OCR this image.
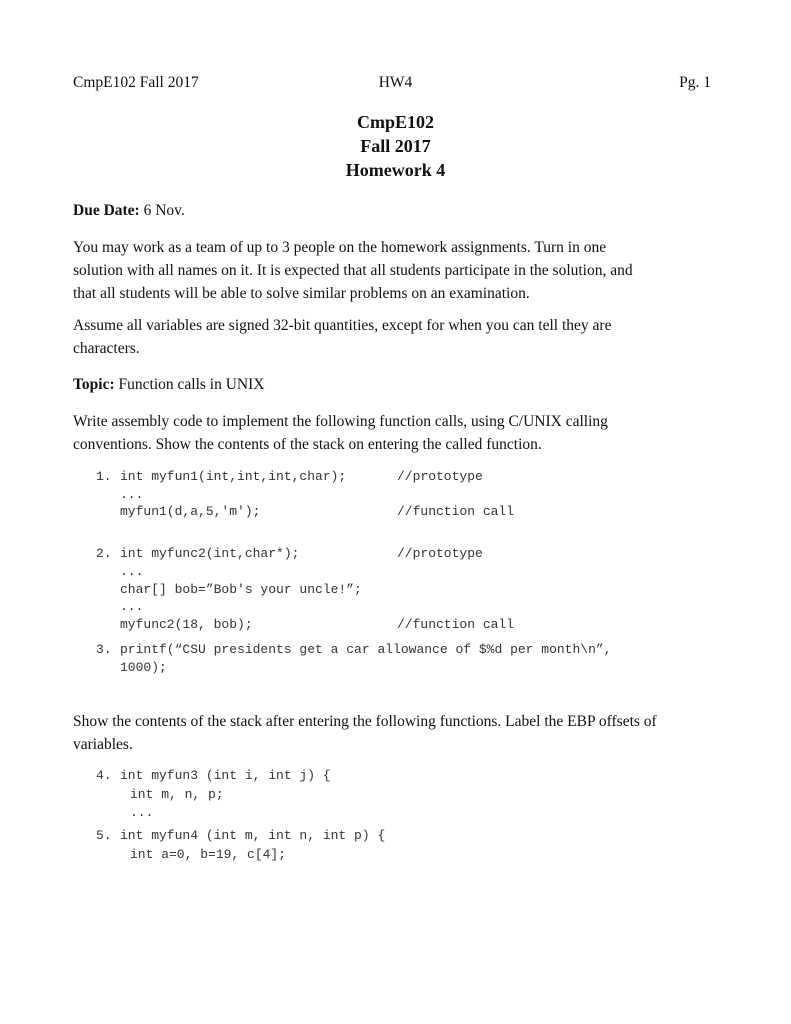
CmpE102 Fall 2017	HW4	Pg. 1
CmpE102
Fall 2017
Homework 4
Due Date: 6 Nov.
You may work as a team of up to 3 people on the homework assignments. Turn in one
solution with all names on it. It is expected that all students participate in the solution, and
that all students will be able to solve similar problems on an examination.
Assume all variables are signed 32-bit quantities, except for when you can tell they are
characters.
Topic: Function calls in UNIX
Write assembly code to implement the following function calls, using C/UNIX calling
conventions. Show the contents of the stack on entering the called function.
1. int myfun1(int,int,int,char);	//prototype
...
myfun1(d,a,5,'m');	//function call
2. int myfunc2(int,char*);	//prototype
...
char[] bob=”Bob's your uncle!”;
...
myfunc2(18, bob);	//function call
3. printf(“CSU presidents get a car allowance of $%d per month\n”,
1000);
Show the contents of the stack after entering the following functions. Label the EBP offsets of
variables.
4. int myfun3 (int i, int j) {
int m, n, p;
...
5. int myfun4 (int m, int n, int p) {
int a=0, b=19, c[4];
